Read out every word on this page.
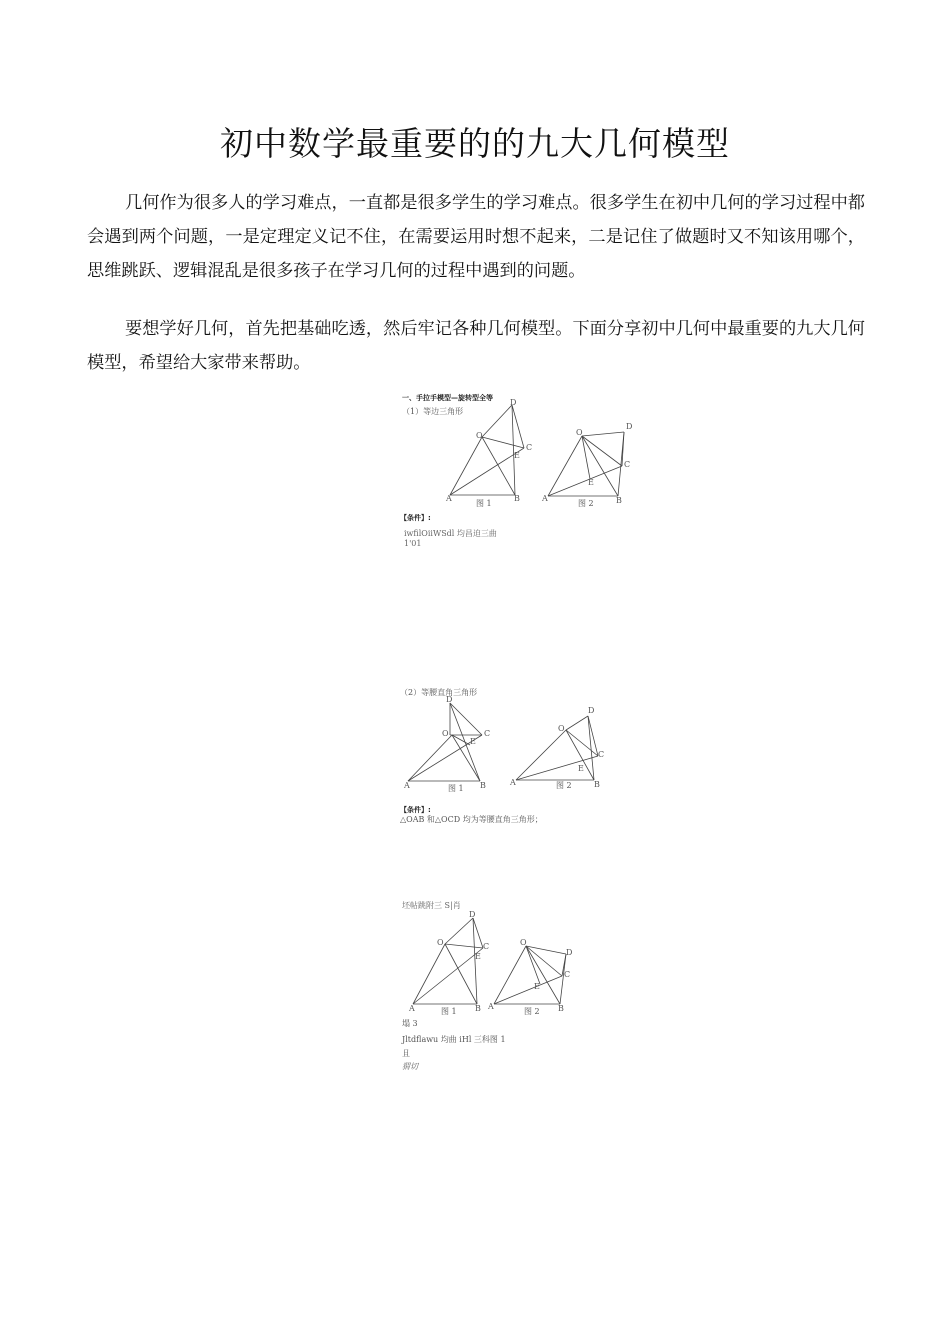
初中数学最重要的的九大几何模型

几何作为很多人的学习难点，一直都是很多学生的学习难点。很多学生在初中几何的学习过程中都会遇到两个问题，一是定理定义记不住，在需要运用时想不起来，二是记住了做题时又不知该用哪个，思维跳跃、逻辑混乱是很多孩子在学习几何的过程中遇到的问题。

要想学好几何，首先把基础吃透，然后牢记各种几何模型。下面分享初中几何中最重要的九大几何模型，希望给大家带来帮助。

一、手拉手模型—旋转型全等
（1）等边三角形
A	B
C
D
E
O
图 1
A	B
C
D
E
O
图 2
【条件】:
iwfilOiiWSdl 均昌迫三曲
1'01
（2）等腰直角三角形
A	B
C
D
E
O
图 1
A	B
C
D
E
O
图 2
【条件】:
△OAB 和△OCD 均为等腰直角三角形；
坯帖跳附三 S|肖
A	B
C
D
E
O
图 1
A	B
C
D
E
O
图 2
塌 3
Jltdflawu 均曲 iHl 三科图 1
且
猬切
